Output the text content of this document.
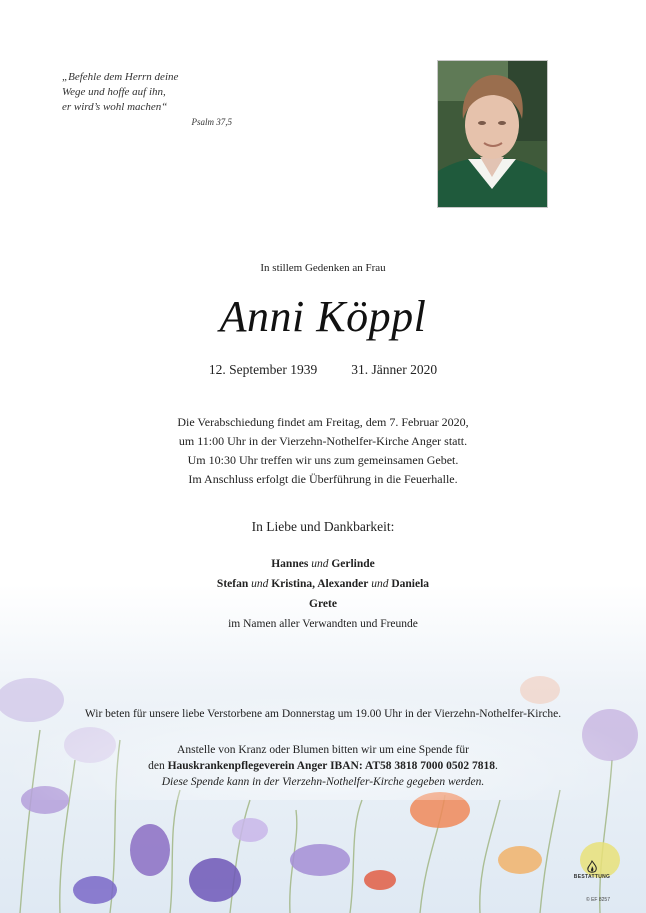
„Befehle dem Herrn deine
Wege und hoffe auf ihn,
er wird’s wohl machen“
Psalm 37,5
In stillem Gedenken an Frau
Anni Köppl
12. September 1939	31. Jänner 2020
Die Verabschiedung findet am Freitag, dem 7. Februar 2020,
um 11:00 Uhr in der Vierzehn-Nothelfer-Kirche Anger statt.
Um 10:30 Uhr treffen wir uns zum gemeinsamen Gebet.
Im Anschluss erfolgt die Überführung in die Feuerhalle.
In Liebe und Dankbarkeit:
Hannes und Gerlinde
Stefan und Kristina, Alexander und Daniela
Grete
im Namen aller Verwandten und Freunde
Wir beten für unsere liebe Verstorbene am Donnerstag um 19.00 Uhr in der Vierzehn-Nothelfer-Kirche.
Anstelle von Kranz oder Blumen bitten wir um eine Spende für
den Hauskrankenpflegeverein Anger IBAN: AT58 3818 7000 0502 7818.
Diese Spende kann in der Vierzehn-Nothelfer-Kirche gegeben werden.
BESTATTUNG
© EF 8257
